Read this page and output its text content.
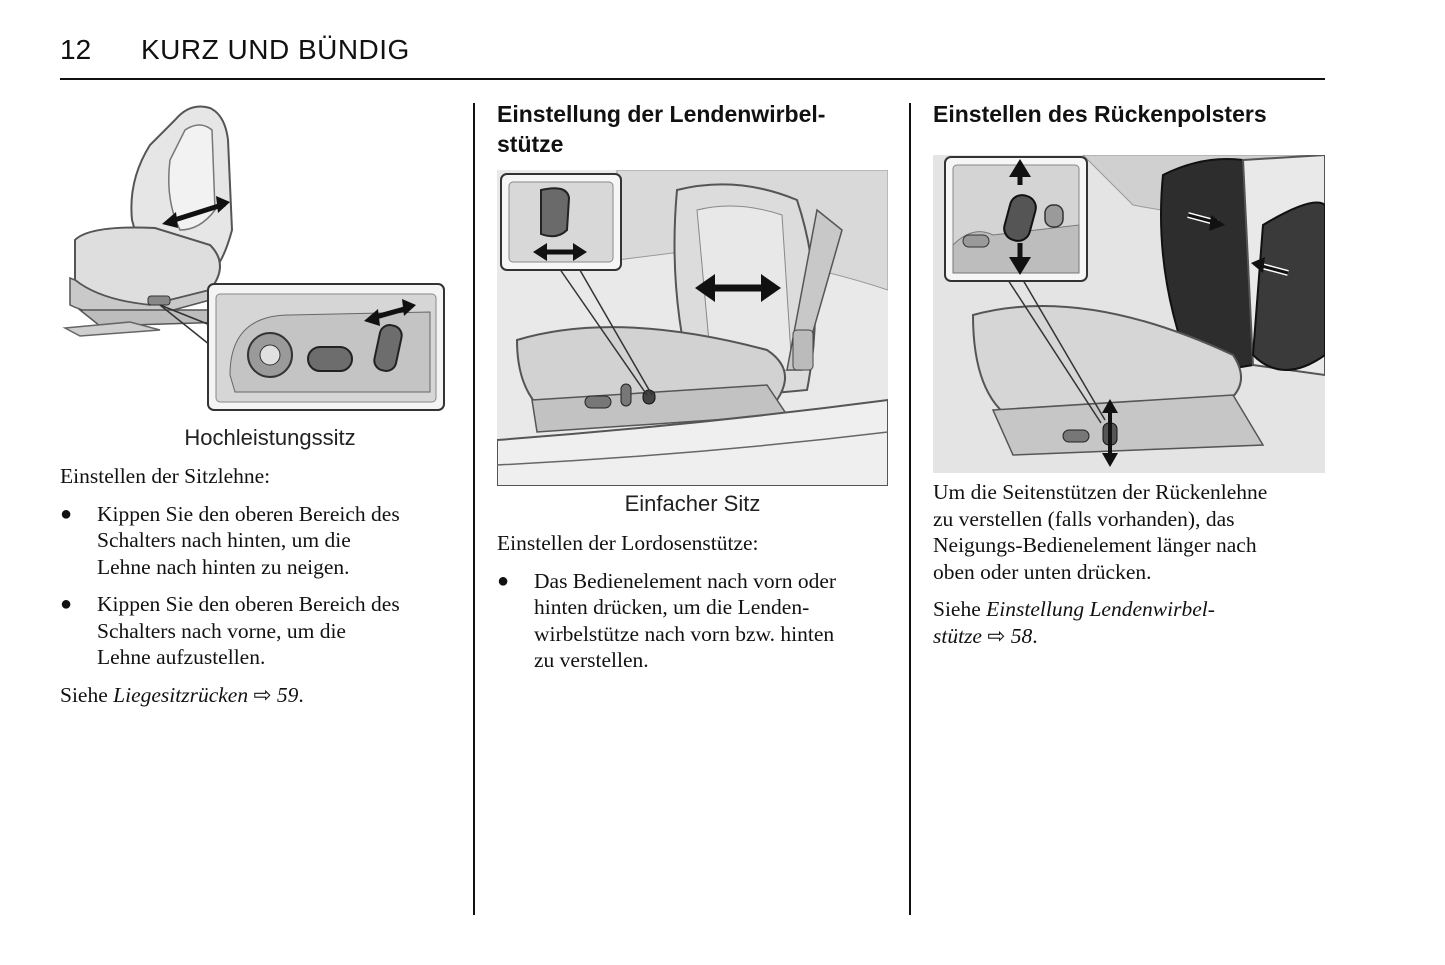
12 KURZ UND BÜNDIG
Hochleistungssitz
Einstellen der Sitzlehne:
● Kippen Sie den oberen Bereich des
Schalters nach hinten, um die
Lehne nach hinten zu neigen.
● Kippen Sie den oberen Bereich des
Schalters nach vorne, um die
Lehne aufzustellen.
Siehe Liegesitzrücken ⇨ 59.
Einstellung der Lendenwirbel-
stütze
Einfacher Sitz
Einstellen der Lordosenstütze:
● Das Bedienelement nach vorn oder
hinten drücken, um die Lenden-
wirbelstütze nach vorn bzw. hinten
zu verstellen.
Einstellen des Rückenpolsters
Um die Seitenstützen der Rückenlehne
zu verstellen (falls vorhanden), das
Neigungs-Bedienelement länger nach
oben oder unten drücken.
Siehe Einstellung Lendenwirbel-
stütze ⇨ 58.
